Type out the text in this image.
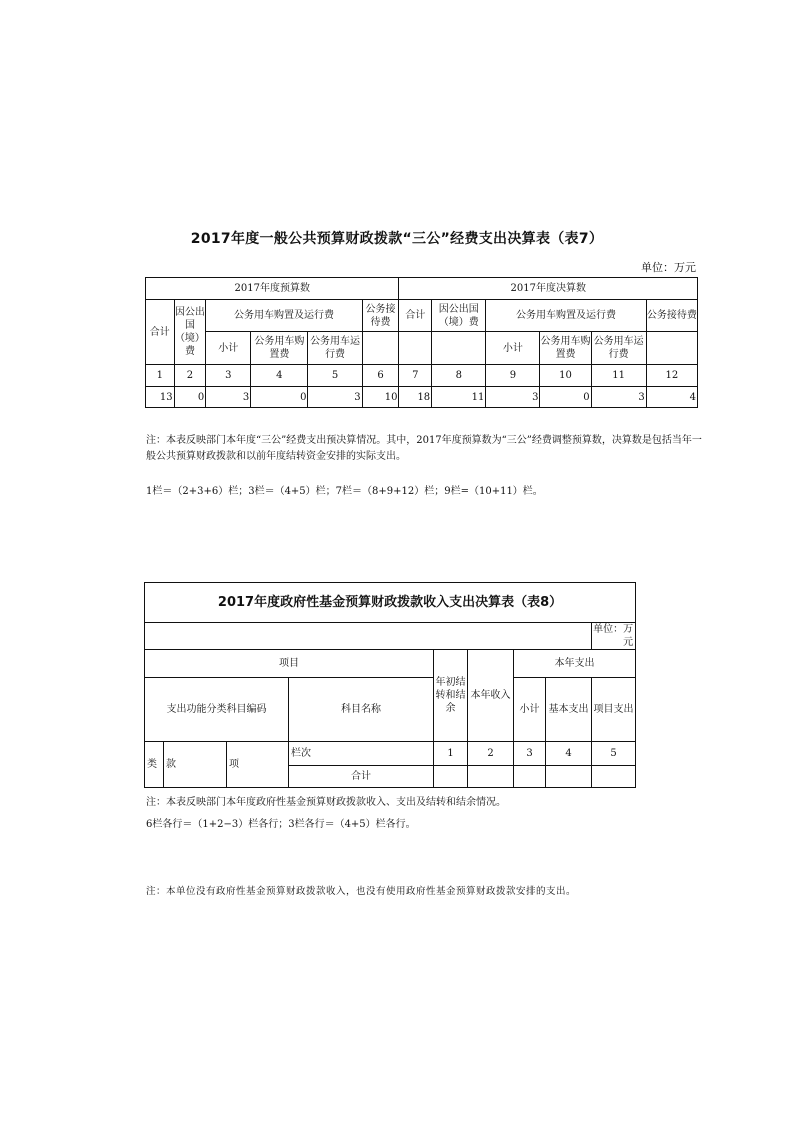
2017年度一般公共预算财政拨款“三公”经费支出决算表（表7）
单位：万元
2017年度预算数						2017年度决算数					
合计	因公出国（境）费	公务用车购置及运行费			公务接待费	合计	因公出国（境）费	公务用车购置及运行费			公务接待费
		小计	公务用车购置费	公务用车运行费				小计	公务用车购置费	公务用车运行费	
1	2	3	4	5	6	7	8	9	10	11	12
13	0	3	0	3	10	18	11	3	0	3	4
注：本表反映部门本年度“三公”经费支出预决算情况。其中，2017年度预算数为“三公”经费调整预算数，决算数是包括当年一般公共预算财政拨款和以前年度结转资金安排的实际支出。
1栏＝（2+3+6）栏；3栏＝（4+5）栏；7栏＝（8+9+12）栏；9栏=（10+11）栏。
2017年度政府性基金预算财政拨款收入支出决算表（表8）									
								单位：万元	
项目				年初结转和结余	本年收入	本年支出	
支出功能分类科目编码			科目名称			小计	基本支出	项目支出	
类	款	项	栏次	1	2	3	4	5	
			合计						
注：本表反映部门本年度政府性基金预算财政拨款收入、支出及结转和结余情况。
6栏各行＝（1+2−3）栏各行；3栏各行＝（4+5）栏各行。
注：本单位没有政府性基金预算财政拨款收入，也没有使用政府性基金预算财政拨款安排的支出。
